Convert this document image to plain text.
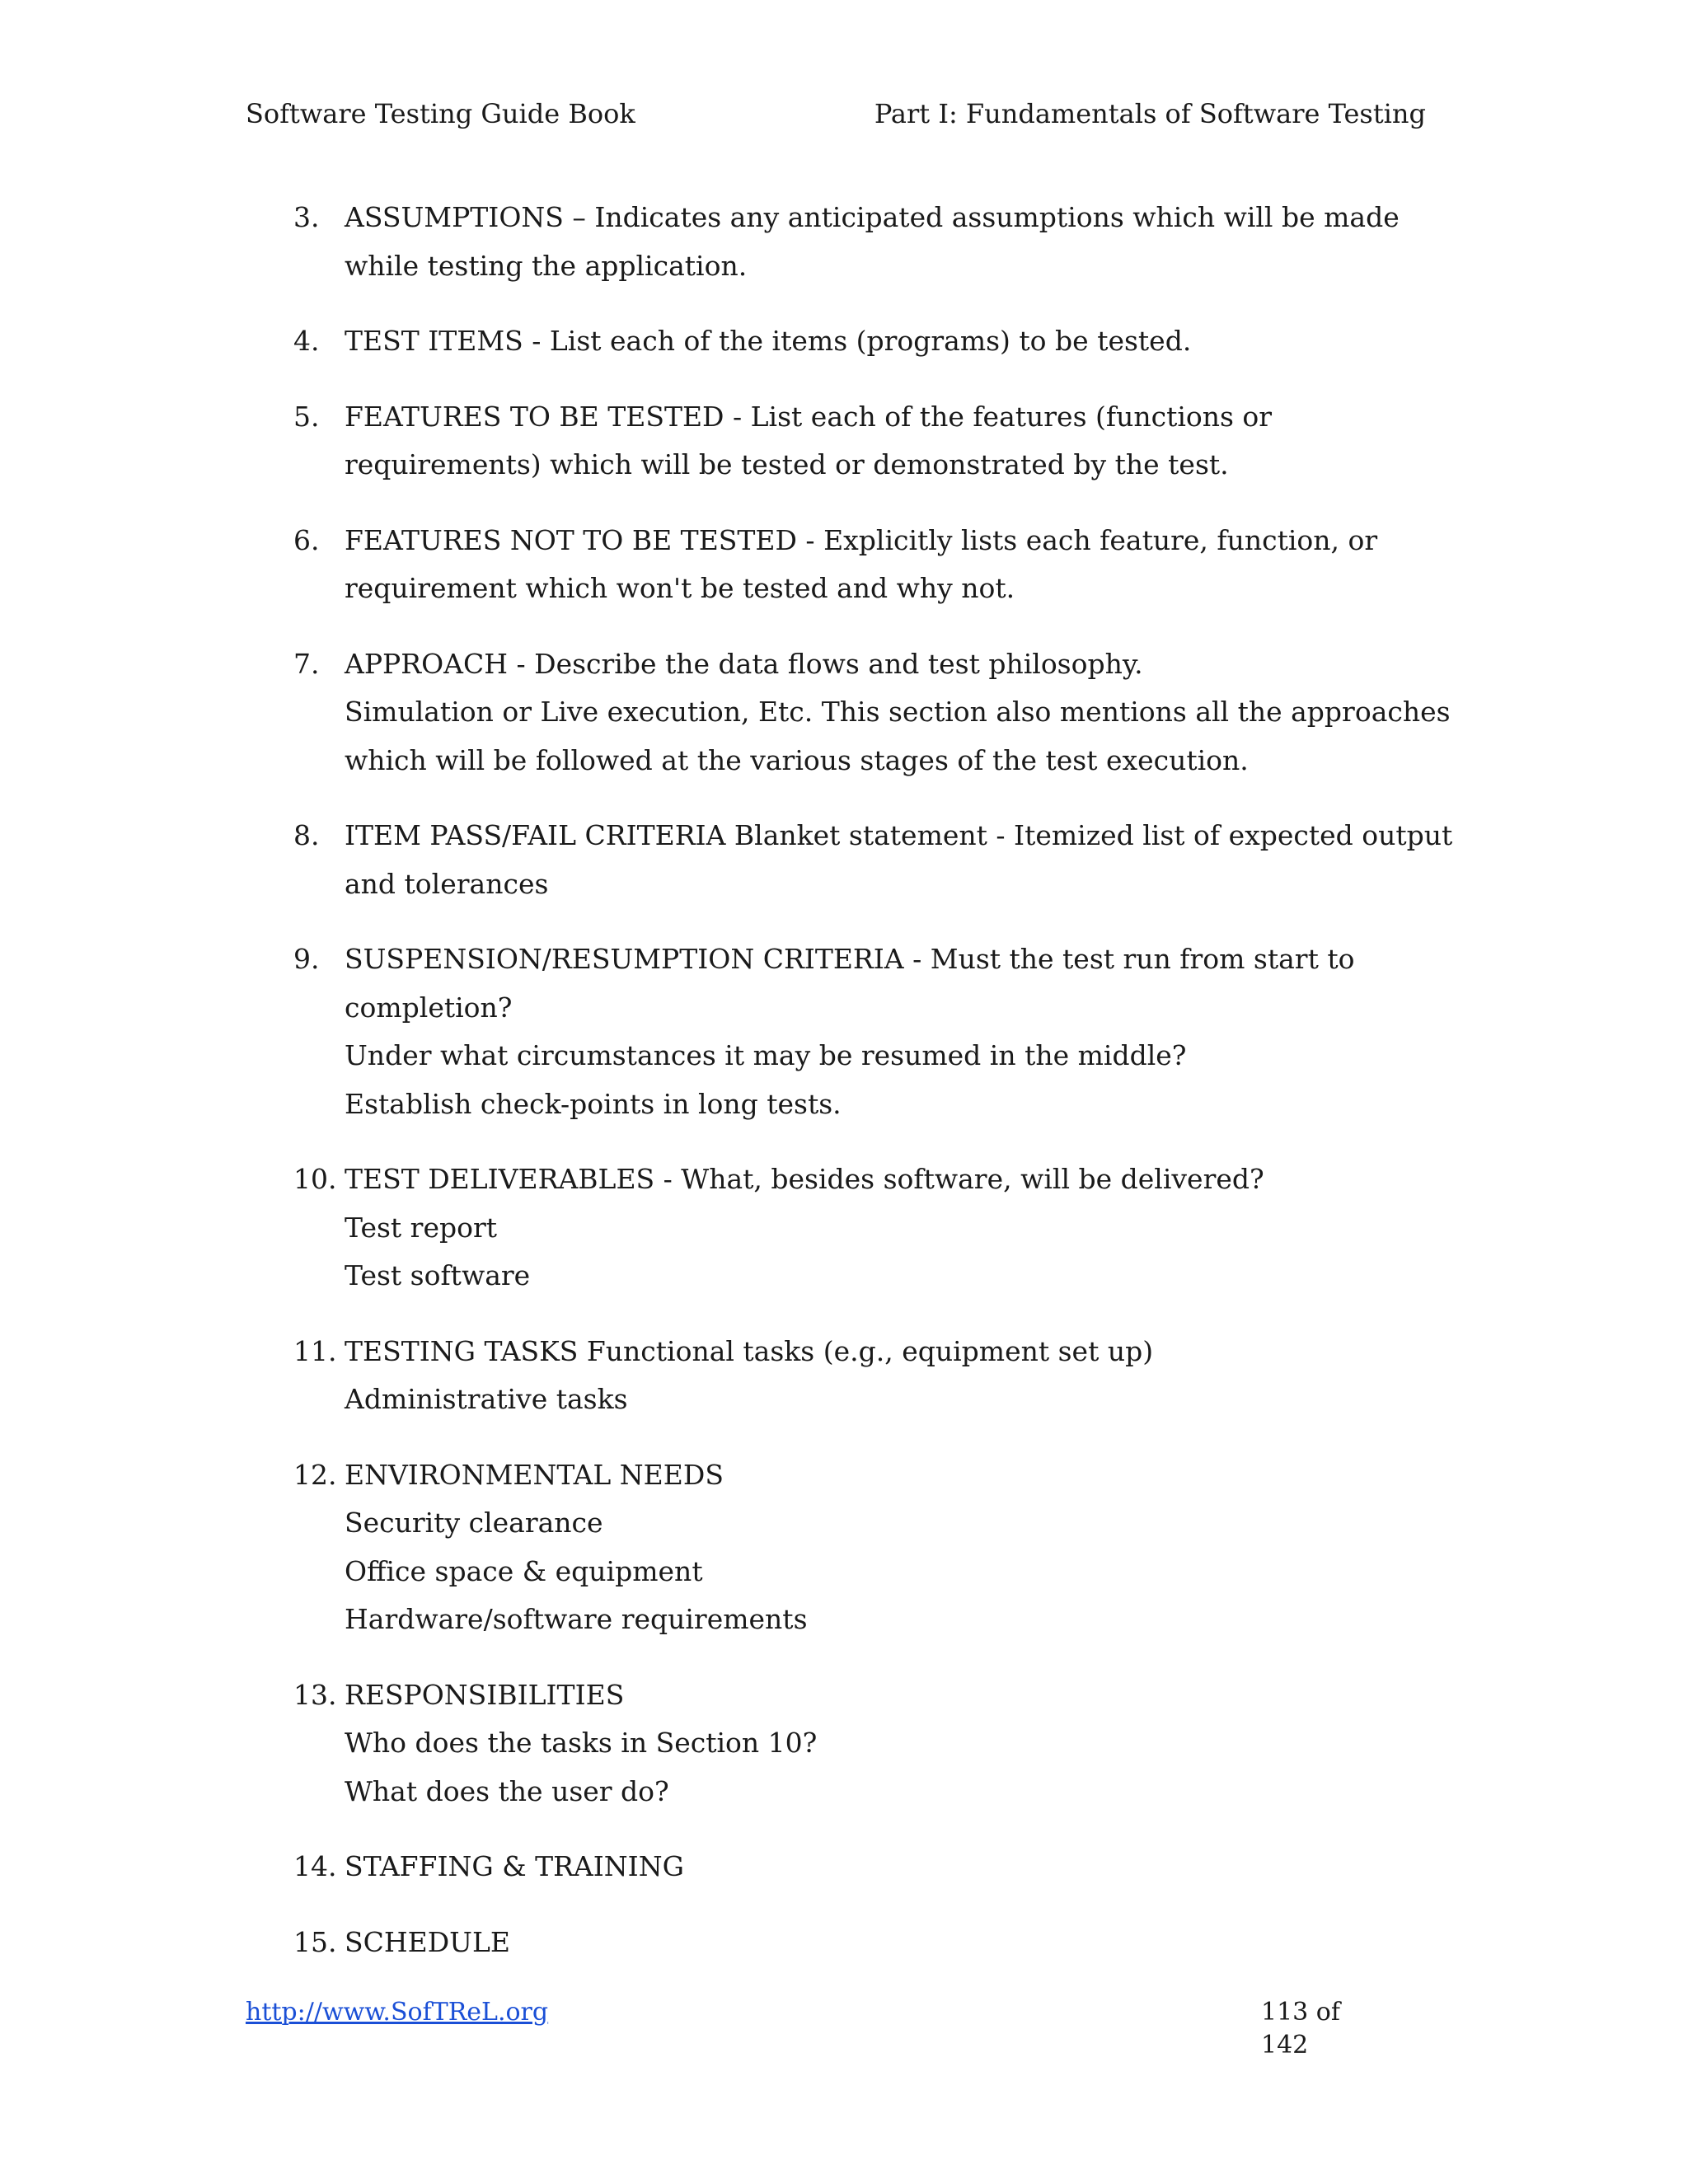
Software Testing Guide Book	Part I: Fundamentals of Software Testing
3. ASSUMPTIONS – Indicates any anticipated assumptions which will be made
while testing the application.
4. TEST ITEMS - List each of the items (programs) to be tested.
5. FEATURES TO BE TESTED - List each of the features (functions or
requirements) which will be tested or demonstrated by the test.
6. FEATURES NOT TO BE TESTED - Explicitly lists each feature, function, or
requirement which won't be tested and why not.
7. APPROACH - Describe the data flows and test philosophy.
Simulation or Live execution, Etc. This section also mentions all the approaches
which will be followed at the various stages of the test execution.
8. ITEM PASS/FAIL CRITERIA Blanket statement - Itemized list of expected output
and tolerances
9. SUSPENSION/RESUMPTION CRITERIA - Must the test run from start to
completion?
Under what circumstances it may be resumed in the middle?
Establish check-points in long tests.
10. TEST DELIVERABLES - What, besides software, will be delivered?
Test report
Test software
11. TESTING TASKS Functional tasks (e.g., equipment set up)
Administrative tasks
12. ENVIRONMENTAL NEEDS
Security clearance
Office space & equipment
Hardware/software requirements
13. RESPONSIBILITIES
Who does the tasks in Section 10?
What does the user do?
14. STAFFING & TRAINING
15. SCHEDULE
http://www.SofTReL.org	113 of 142
